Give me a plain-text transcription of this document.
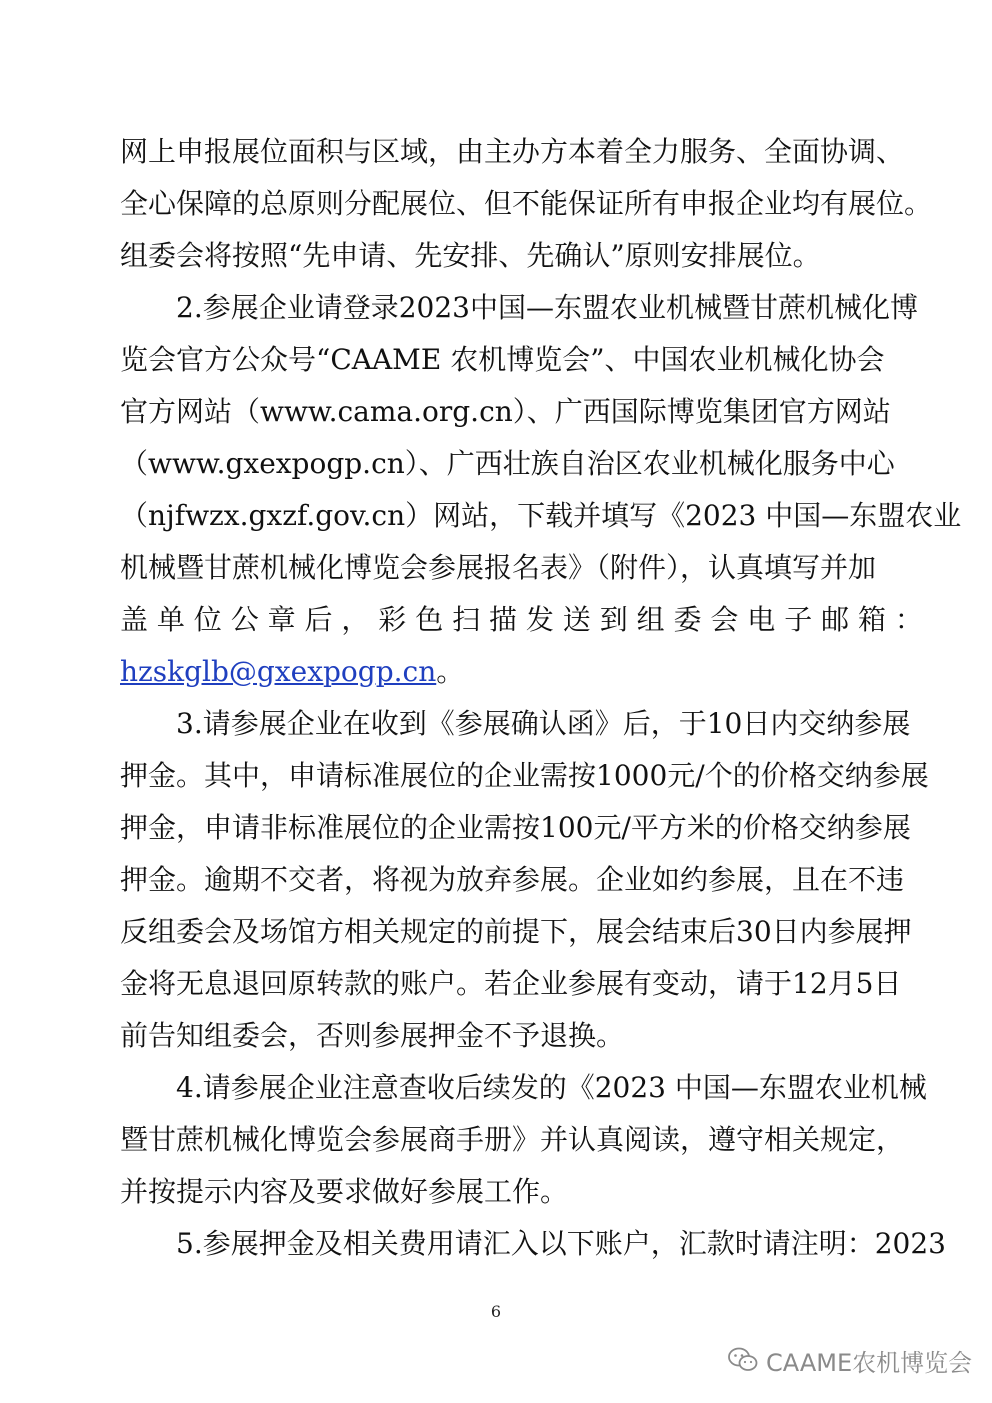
网上申报展位面积与区域，由主办方本着全力服务、全面协调、
全心保障的总原则分配展位、但不能保证所有申报企业均有展位。
组委会将按照“先申请、先安排、先确认”原则安排展位。
2.参展企业请登录2023中国—东盟农业机械暨甘蔗机械化博
览会官方公众号“CAAME 农机博览会”、中国农业机械化协会
官方网站（www.cama.org.cn）、广西国际博览集团官方网站
（www.gxexpogp.cn）、广西壮族自治区农业机械化服务中心
（njfwzx.gxzf.gov.cn）网站，下载并填写《2023 中国—东盟农业
机械暨甘蔗机械化博览会参展报名表》（附件），认真填写并加
盖 单 位 公 章 后 ， 彩 色 扫 描 发 送 到 组 委 会 电 子 邮 箱 ：
3.请参展企业在收到《参展确认函》后，于10日内交纳参展
押金。其中，申请标准展位的企业需按1000元/个的价格交纳参展
押金，申请非标准展位的企业需按100元/平方米的价格交纳参展
押金。逾期不交者，将视为放弃参展。企业如约参展，且在不违
反组委会及场馆方相关规定的前提下，展会结束后30日内参展押
金将无息退回原转款的账户。若企业参展有变动，请于12月5日
前告知组委会，否则参展押金不予退换。
4.请参展企业注意查收后续发的《2023 中国—东盟农业机械
暨甘蔗机械化博览会参展商手册》并认真阅读，遵守相关规定，
并按提示内容及要求做好参展工作。
5.参展押金及相关费用请汇入以下账户，汇款时请注明：2023
hzskglb@gxexpogp.cn。
6
CAAME农机博览会
